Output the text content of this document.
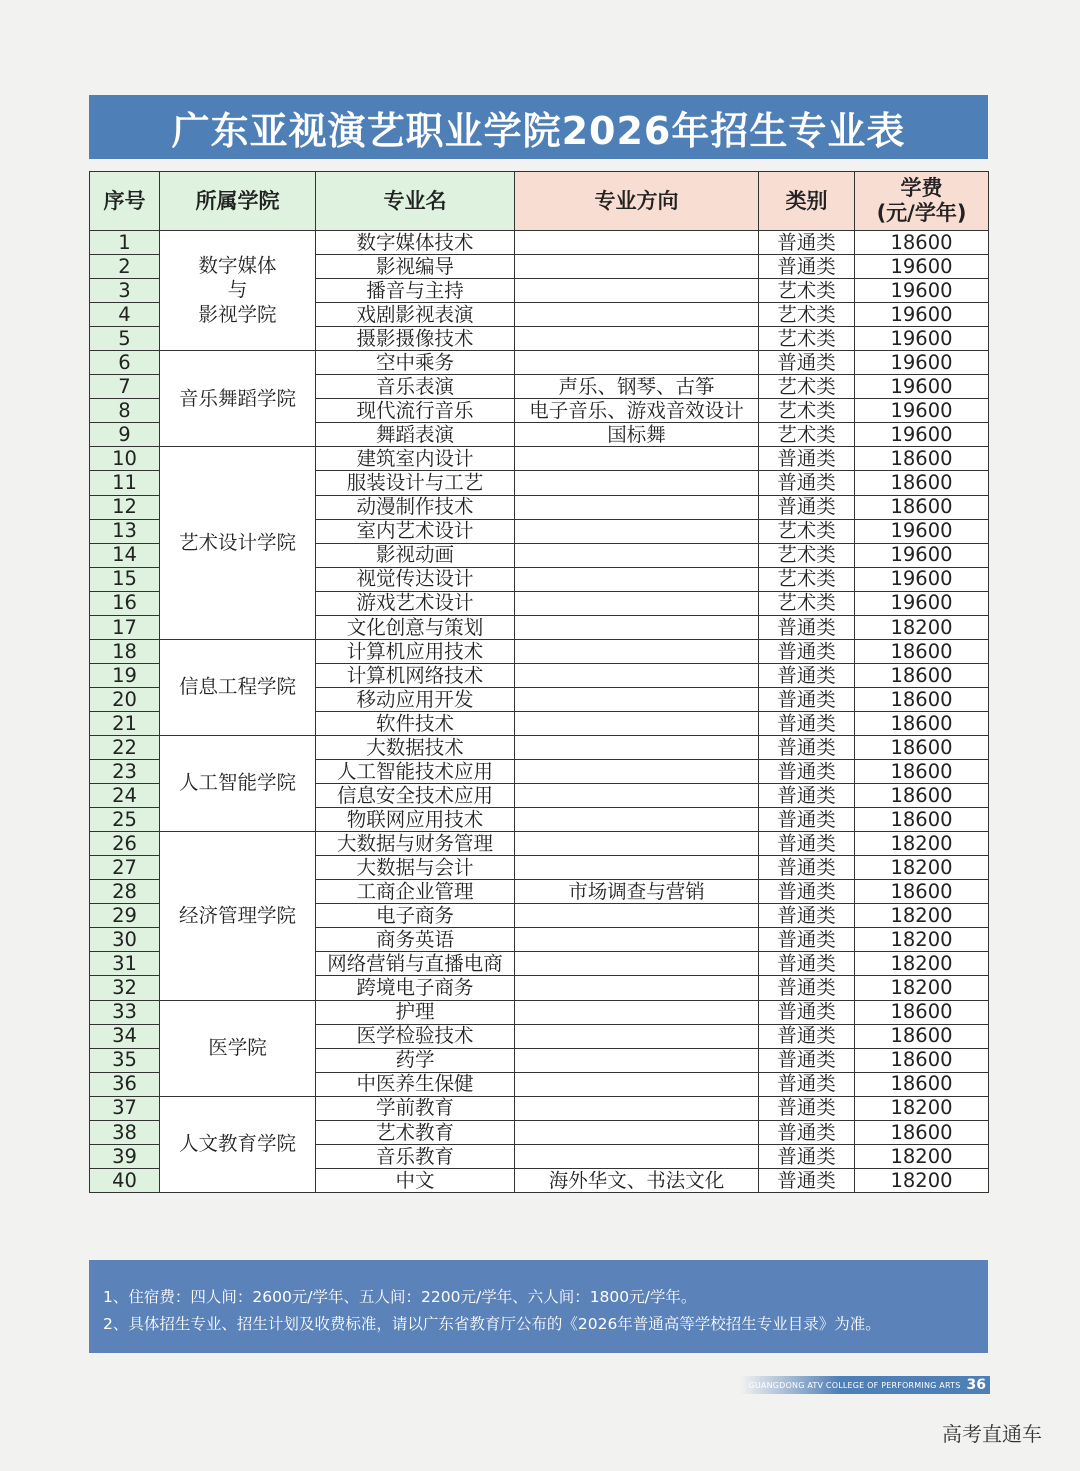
广东亚视演艺职业学院2026年招生专业表
序号	所属学院	专业名	专业方向	类别	学费
(元/学年)
1	数字媒体
与
影视学院	数字媒体技术		普通类	18600
2		影视编导		普通类	19600
3		播音与主持		艺术类	19600
4		戏剧影视表演		艺术类	19600
5		摄影摄像技术		艺术类	19600
6	音乐舞蹈学院	空中乘务		普通类	19600
7		音乐表演	声乐、钢琴、古筝	艺术类	19600
8		现代流行音乐	电子音乐、游戏音效设计	艺术类	19600
9		舞蹈表演	国标舞	艺术类	19600
10	艺术设计学院	建筑室内设计		普通类	18600
11		服装设计与工艺		普通类	18600
12		动漫制作技术		普通类	18600
13		室内艺术设计		艺术类	19600
14		影视动画		艺术类	19600
15		视觉传达设计		艺术类	19600
16		游戏艺术设计		艺术类	19600
17		文化创意与策划		普通类	18200
18	信息工程学院	计算机应用技术		普通类	18600
19		计算机网络技术		普通类	18600
20		移动应用开发		普通类	18600
21		软件技术		普通类	18600
22	人工智能学院	大数据技术		普通类	18600
23		人工智能技术应用		普通类	18600
24		信息安全技术应用		普通类	18600
25		物联网应用技术		普通类	18600
26	经济管理学院	大数据与财务管理		普通类	18200
27		大数据与会计		普通类	18200
28		工商企业管理	市场调查与营销	普通类	18600
29		电子商务		普通类	18200
30		商务英语		普通类	18200
31		网络营销与直播电商		普通类	18200
32		跨境电子商务		普通类	18200
33	医学院	护理		普通类	18600
34		医学检验技术		普通类	18600
35		药学		普通类	18600
36		中医养生保健		普通类	18600
37	人文教育学院	学前教育		普通类	18200
38		艺术教育		普通类	18600
39		音乐教育		普通类	18200
40		中文	海外华文、书法文化	普通类	18200
1、住宿费：四人间：2600元/学年、五人间：2200元/学年、六人间：1800元/学年。
2、具体招生专业、招生计划及收费标准，请以广东省教育厅公布的《2026年普通高等学校招生专业目录》为准。
GUANGDONG ATV COLLEGE OF PERFORMING ARTS 36
高考直通车
